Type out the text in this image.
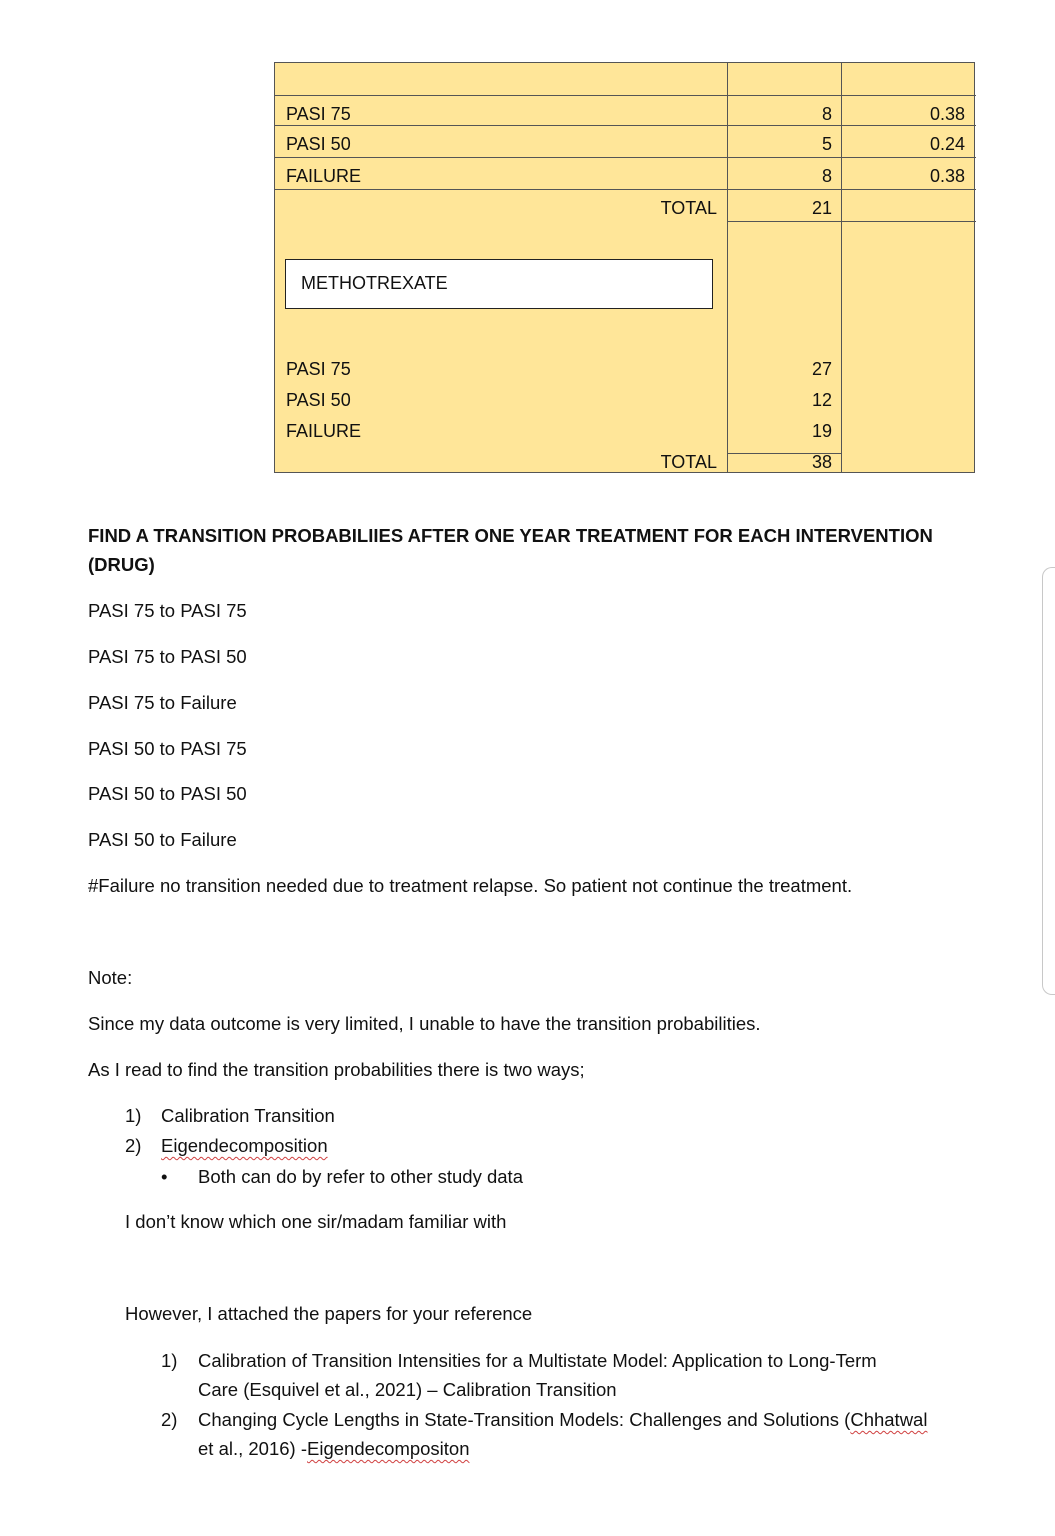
PASI 75	8	0.38
PASI 50	5	0.24
FAILURE	8	0.38
TOTAL	21
METHOTREXATE
PASI 75	27
PASI 50	12
FAILURE	19
TOTAL	38
FIND A TRANSITION PROBABILIIES AFTER ONE YEAR TREATMENT FOR EACH INTERVENTION
(DRUG)
PASI 75 to PASI 75
PASI 75 to PASI 50
PASI 75 to Failure
PASI 50 to PASI 75
PASI 50 to PASI 50
PASI 50 to Failure
#Failure no transition needed due to treatment relapse. So patient not continue the treatment.
Note:
Since my data outcome is very limited, I unable to have the transition probabilities.
As I read to find the transition probabilities there is two ways;
1) Calibration Transition
2) Eigendecomposition
• Both can do by refer to other study data
I don’t know which one sir/madam familiar with
However, I attached the papers for your reference
1) Calibration of Transition Intensities for a Multistate Model: Application to Long-Term
Care (Esquivel et al., 2021) – Calibration Transition
2) Changing Cycle Lengths in State-Transition Models: Challenges and Solutions (Chhatwal
et al., 2016) -Eigendecompositon
